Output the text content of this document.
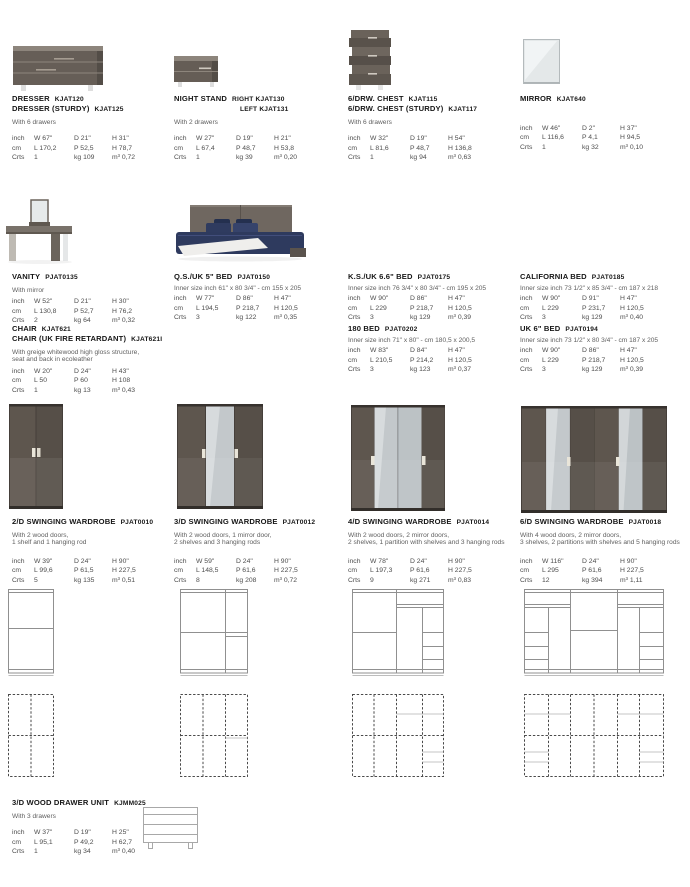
DRESSER KJAT120
DRESSER (STURDY) KJAT125
With 6 drawers
inch	W 67"	D 21"	H 31"
cm	L 170,2	P 52,5	H 78,7
Crts	1	kg 109	m³ 0,72
NIGHT STAND RIGHT KJAT130
LEFT KJAT131
With 2 drawers
inch	W 27"	D 19"	H 21"
cm	L 67,4	P 48,7	H 53,8
Crts	1	kg 39	m³ 0,20
6/DRW. CHEST KJAT115
6/DRW. CHEST (STURDY) KJAT117
With 6 drawers
inch	W 32"	D 19"	H 54"
cm	L 81,6	P 48,7	H 136,8
Crts	1	kg 94	m³ 0,63
MIRROR KJAT640
inch	W 46"	D 2"	H 37"
cm	L 116,6	P 4,1	H 94,5
Crts	1	kg 32	m³ 0,10
VANITY PJAT0135
With mirror
inch	W 52"	D 21"	H 30"
cm	L 130,8	P 52,7	H 76,2
Crts	2	kg 64	m³ 0,32
Q.S./UK 5" BED PJAT0150
Inner size inch 61" x 80 3/4" - cm 155 x 205
inch	W 77"	D 86"	H 47"
cm	L 194,5	P 218,7	H 120,5
Crts	3	kg 122	m³ 0,35
K.S./UK 6.6" BED PJAT0175
Inner size inch 76 3/4" x 80 3/4" - cm 195 x 205
inch	W 90"	D 86"	H 47"
cm	L 229	P 218,7	H 120,5
Crts	3	kg 129	m³ 0,39
CALIFORNIA BED PJAT0185
Inner size inch 73 1/2" x 85 3/4" - cm 187 x 218
inch	W 90"	D 91"	H 47"
cm	L 229	P 231,7	H 120,5
Crts	3	kg 129	m³ 0,40
CHAIR KJAT621
CHAIR (UK FIRE RETARDANT) KJAT621I
With greige whitewood high gloss structure,
seat and back in ecoleather
inch	W 20"	D 24"	H 43"
cm	L 50	P 60	H 108
Crts	1	kg 13	m³ 0,43
180 BED PJAT0202
Inner size inch 71" x 80" - cm 180,5 x 200,5
inch	W 83"	D 84"	H 47"
cm	L 210,5	P 214,2	H 120,5
Crts	3	kg 123	m³ 0,37
UK 6" BED PJAT0194
Inner size inch 73 1/2" x 80 3/4" - cm 187 x 205
inch	W 90"	D 86"	H 47"
cm	L 229	P 218,7	H 120,5
Crts	3	kg 129	m³ 0,39
2/D SWINGING WARDROBE PJAT0010
With 2 wood doors,
1 shelf and 1 hanging rod
inch	W 39"	D 24"	H 90"
cm	L 99,6	P 61,5	H 227,5
Crts	5	kg 135	m³ 0,51
3/D SWINGING WARDROBE PJAT0012
With 2 wood doors, 1 mirror door,
2 shelves and 3 hanging rods
inch	W 59"	D 24"	H 90"
cm	L 148,5	P 61,6	H 227,5
Crts	8	kg 208	m³ 0,72
4/D SWINGING WARDROBE PJAT0014
With 2 wood doors, 2 mirror doors,
2 shelves, 1 partition with shelves and 3 hanging rods
inch	W 78"	D 24"	H 90"
cm	L 197,3	P 61,6	H 227,5
Crts	9	kg 271	m³ 0,83
6/D SWINGING WARDROBE PJAT0018
With 4 wood doors, 2 mirror doors,
3 shelves, 2 partitions with shelves and 5 hanging rods
inch	W 116"	D 24"	H 90"
cm	L 295	P 61,6	H 227,5
Crts	12	kg 394	m³ 1,11
3/D WOOD DRAWER UNIT KJMM025
With 3 drawers
inch	W 37"	D 19"	H 25"
cm	L 95,1	P 49,2	H 62,7
Crts	1	kg 34	m³ 0,40
